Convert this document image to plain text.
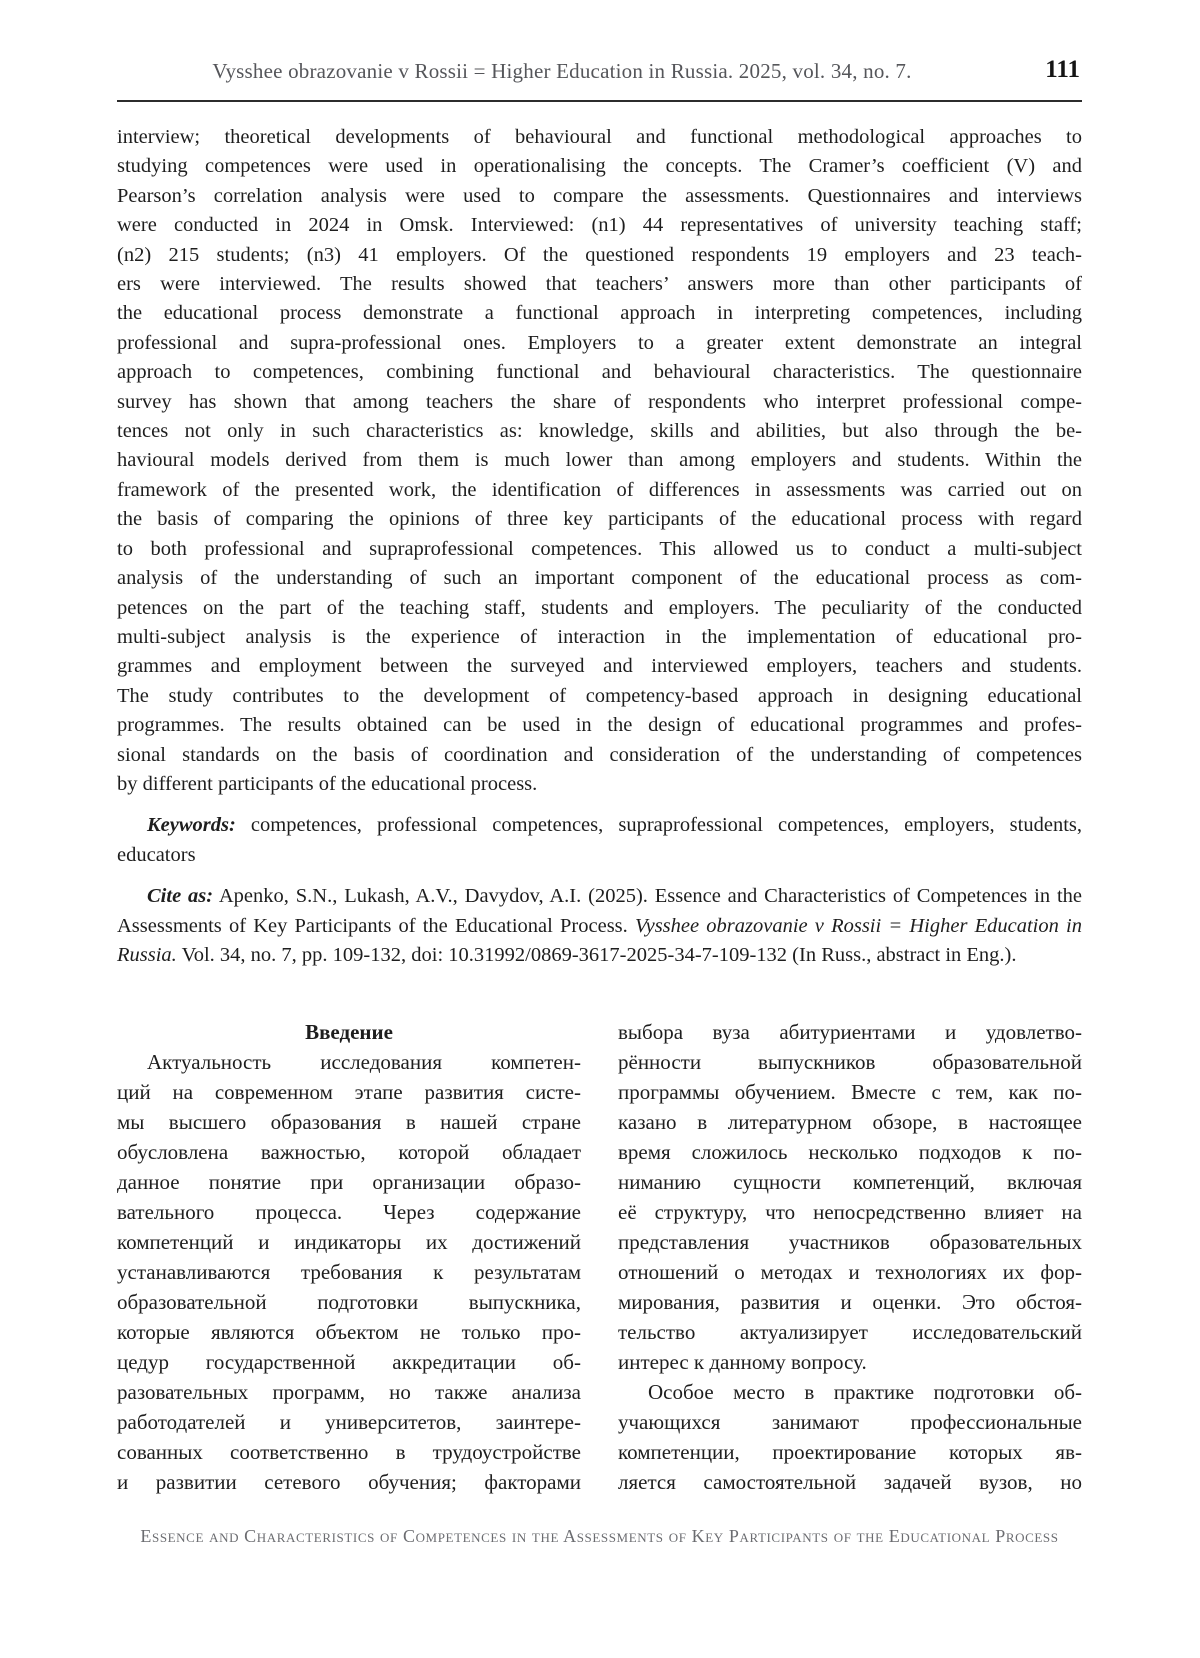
Vysshee obrazovanie v Rossii = Higher Education in Russia. 2025, vol. 34, no. 7.	111
interview; theoretical developments of behavioural and functional methodological approaches to
studying competences were used in operationalising the concepts. The Cramer’s coefficient (V) and
Pearson’s correlation analysis were used to compare the assessments. Questionnaires and interviews
were conducted in 2024 in Omsk. Interviewed: (n1) 44 representatives of university teaching staff;
(n2) 215 students; (n3) 41 employers. Of the questioned respondents 19 employers and 23 teach-
ers were interviewed. The results showed that teachers’ answers more than other participants of
the educational process demonstrate a functional approach in interpreting competences, including
professional and supra-professional ones. Employers to a greater extent demonstrate an integral
approach to competences, combining functional and behavioural characteristics. The questionnaire
survey has shown that among teachers the share of respondents who interpret professional compe-
tences not only in such characteristics as: knowledge, skills and abilities, but also through the be-
havioural models derived from them is much lower than among employers and students. Within the
framework of the presented work, the identification of differences in assessments was carried out on
the basis of comparing the opinions of three key participants of the educational process with regard
to both professional and supraprofessional competences. This allowed us to conduct a multi-subject
analysis of the understanding of such an important component of the educational process as com-
petences on the part of the teaching staff, students and employers. The peculiarity of the conducted
multi-subject analysis is the experience of interaction in the implementation of educational pro-
grammes and employment between the surveyed and interviewed employers, teachers and students.
The study contributes to the development of competency-based approach in designing educational
programmes. The results obtained can be used in the design of educational programmes and profes-
sional standards on the basis of coordination and consideration of the understanding of competences
by different participants of the educational process.

Keywords: competences, professional competences, supraprofessional competences, employers, students, educators

Cite as: Apenko, S.N., Lukash, A.V., Davydov, A.I. (2025). Essence and Characteristics of Competences in the Assessments of Key Participants of the Educational Process. Vysshee obrazovanie v Rossii = Higher Education in Russia. Vol. 34, no. 7, pp. 109-132, doi: 10.31992/0869-3617-2025-34-7-109-132 (In Russ., abstract in Eng.).

Введение
Актуальность исследования компетен-
ций на современном этапе развития систе-
мы высшего образования в нашей стране
обусловлена важностью, которой обладает
данное понятие при организации образо-
вательного процесса. Через содержание
компетенций и индикаторы их достижений
устанавливаются требования к результатам
образовательной подготовки выпускника,
которые являются объектом не только про-
цедур государственной аккредитации об-
разовательных программ, но также анализа
работодателей и университетов, заинтере-
сованных соответственно в трудоустройстве
и развитии сетевого обучения; факторами
выбора вуза абитуриентами и удовлетво-
рённости выпускников образовательной
программы обучением. Вместе с тем, как по-
казано в литературном обзоре, в настоящее
время сложилось несколько подходов к по-
ниманию сущности компетенций, включая
её структуру, что непосредственно влияет на
представления участников образовательных
отношений о методах и технологиях их фор-
мирования, развития и оценки. Это обстоя-
тельство актуализирует исследовательский
интерес к данному вопросу.
Особое место в практике подготовки об-
учающихся занимают профессиональные
компетенции, проектирование которых яв-
ляется самостоятельной задачей вузов, но
Essence and Characteristics of Competences in the Assessments of Key Participants of the Educational Process
